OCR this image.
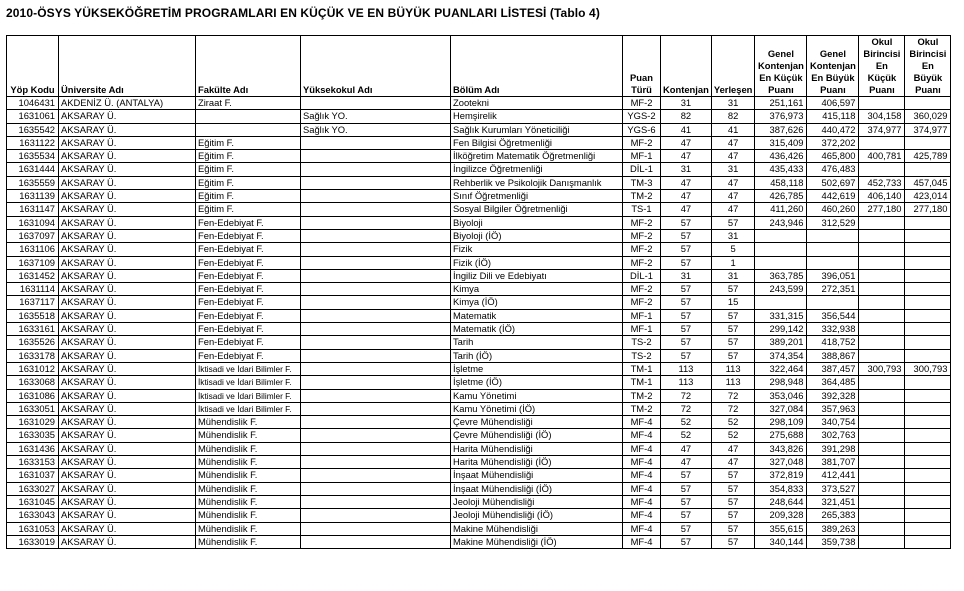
2010-ÖSYS YÜKSEKÖĞRETİM PROGRAMLARI EN KÜÇÜK VE EN BÜYÜK PUANLARI LİSTESİ (Tablo 4)
Yöp Kodu	Üniversite Adı	Fakülte Adı	Yüksekokul Adı	Bölüm Adı	Puan Türü	Kontenjan	Yerleşen	Genel Kontenjan En Küçük Puanı	Genel Kontenjan En Büyük Puanı	Okul Birincisi En Küçük Puanı	Okul Birincisi En Büyük Puanı
1046431	AKDENİZ Ü. (ANTALYA)	Ziraat F.		Zootekni	MF-2	31	31	251,161	406,597		
1631061	AKSARAY Ü.		Sağlık YO.	Hemşirelik	YGS-2	82	82	376,973	415,118	304,158	360,029
1635542	AKSARAY Ü.		Sağlık YO.	Sağlık Kurumları Yöneticiliği	YGS-6	41	41	387,626	440,472	374,977	374,977
1631122	AKSARAY Ü.	Eğitim F.		Fen Bilgisi Öğretmenliği	MF-2	47	47	315,409	372,202		
1635534	AKSARAY Ü.	Eğitim F.		İlköğretim Matematik Öğretmenliği	MF-1	47	47	436,426	465,800	400,781	425,789
1631444	AKSARAY Ü.	Eğitim F.		İngilizce Öğretmenliği	DİL-1	31	31	435,433	476,483		
1635559	AKSARAY Ü.	Eğitim F.		Rehberlik ve Psikolojik Danışmanlık	TM-3	47	47	458,118	502,697	452,733	457,045
1631139	AKSARAY Ü.	Eğitim F.		Sınıf Öğretmenliği	TM-2	47	47	426,785	442,619	406,140	423,014
1631147	AKSARAY Ü.	Eğitim F.		Sosyal Bilgiler Öğretmenliği	TS-1	47	47	411,260	460,260	277,180	277,180
1631094	AKSARAY Ü.	Fen-Edebiyat F.		Biyoloji	MF-2	57	57	243,946	312,529		
1637097	AKSARAY Ü.	Fen-Edebiyat F.		Biyoloji (İÖ)	MF-2	57	31				
1631106	AKSARAY Ü.	Fen-Edebiyat F.		Fizik	MF-2	57	5				
1637109	AKSARAY Ü.	Fen-Edebiyat F.		Fizik (İÖ)	MF-2	57	1				
1631452	AKSARAY Ü.	Fen-Edebiyat F.		İngiliz Dili ve Edebiyatı	DİL-1	31	31	363,785	396,051		
1631114	AKSARAY Ü.	Fen-Edebiyat F.		Kimya	MF-2	57	57	243,599	272,351		
1637117	AKSARAY Ü.	Fen-Edebiyat F.		Kimya (İÖ)	MF-2	57	15				
1635518	AKSARAY Ü.	Fen-Edebiyat F.		Matematik	MF-1	57	57	331,315	356,544		
1633161	AKSARAY Ü.	Fen-Edebiyat F.		Matematik (İÖ)	MF-1	57	57	299,142	332,938		
1635526	AKSARAY Ü.	Fen-Edebiyat F.		Tarih	TS-2	57	57	389,201	418,752		
1633178	AKSARAY Ü.	Fen-Edebiyat F.		Tarih (İÖ)	TS-2	57	57	374,354	388,867		
1631012	AKSARAY Ü.	İktisadi ve İdari Bilimler F.		İşletme	TM-1	113	113	322,464	387,457	300,793	300,793
1633068	AKSARAY Ü.	İktisadi ve İdari Bilimler F.		İşletme (İÖ)	TM-1	113	113	298,948	364,485		
1631086	AKSARAY Ü.	İktisadi ve İdari Bilimler F.		Kamu Yönetimi	TM-2	72	72	353,046	392,328		
1633051	AKSARAY Ü.	İktisadi ve İdari Bilimler F.		Kamu Yönetimi (İÖ)	TM-2	72	72	327,084	357,963		
1631029	AKSARAY Ü.	Mühendislik F.		Çevre Mühendisliği	MF-4	52	52	298,109	340,754		
1633035	AKSARAY Ü.	Mühendislik F.		Çevre Mühendisliği (İÖ)	MF-4	52	52	275,688	302,763		
1631436	AKSARAY Ü.	Mühendislik F.		Harita Mühendisliği	MF-4	47	47	343,826	391,298		
1633153	AKSARAY Ü.	Mühendislik F.		Harita Mühendisliği (İÖ)	MF-4	47	47	327,048	381,707		
1631037	AKSARAY Ü.	Mühendislik F.		İnşaat Mühendisliği	MF-4	57	57	372,819	412,441		
1633027	AKSARAY Ü.	Mühendislik F.		İnşaat Mühendisliği (İÖ)	MF-4	57	57	354,833	373,527		
1631045	AKSARAY Ü.	Mühendislik F.		Jeoloji Mühendisliği	MF-4	57	57	248,644	321,451		
1633043	AKSARAY Ü.	Mühendislik F.		Jeoloji Mühendisliği (İÖ)	MF-4	57	57	209,328	265,383		
1631053	AKSARAY Ü.	Mühendislik F.		Makine Mühendisliği	MF-4	57	57	355,615	389,263		
1633019	AKSARAY Ü.	Mühendislik F.		Makine Mühendisliği (İÖ)	MF-4	57	57	340,144	359,738		
